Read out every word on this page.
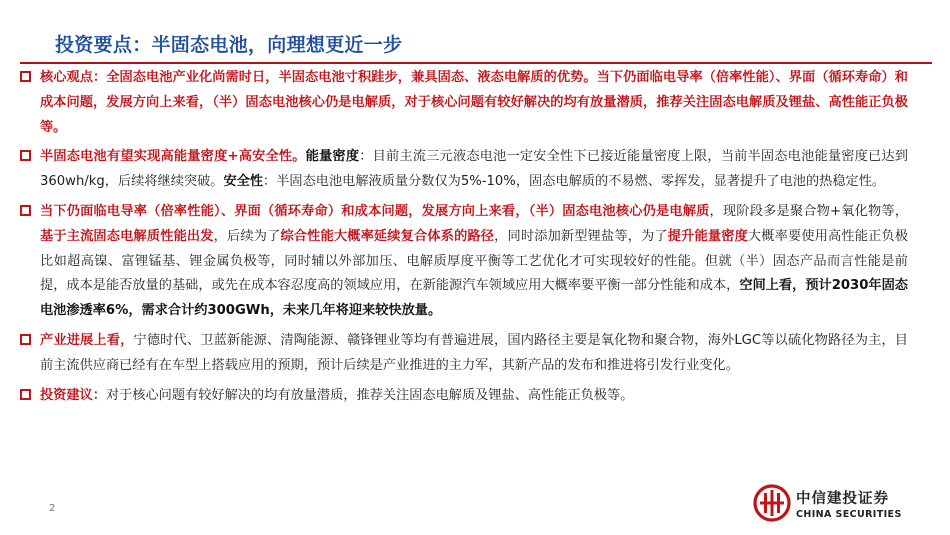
投资要点：半固态电池，向理想更近一步
核心观点：全固态电池产业化尚需时日，半固态电池寸积跬步，兼具固态、液态电解质的优势。当下仍面临电导率（倍率性能）、界面（循环寿命）和成本问题，发展方向上来看，（半）固态电池核心仍是电解质，对于核心问题有较好解决的均有放量潜质，推荐关注固态电解质及锂盐、高性能正负极等。
半固态电池有望实现高能量密度+高安全性。能量密度：目前主流三元液态电池一定安全性下已接近能量密度上限，当前半固态电池能量密度已达到360wh/kg，后续将继续突破。安全性：半固态电池电解液质量分数仅为5%-10%，固态电解质的不易燃、零挥发，显著提升了电池的热稳定性。
当下仍面临电导率（倍率性能）、界面（循环寿命）和成本问题，发展方向上来看，（半）固态电池核心仍是电解质，现阶段多是聚合物+氧化物等，基于主流固态电解质性能出发，后续为了综合性能大概率延续复合体系的路径，同时添加新型锂盐等，为了提升能量密度大概率要使用高性能正负极比如超高镍、富锂锰基、锂金属负极等，同时辅以外部加压、电解质厚度平衡等工艺优化才可实现较好的性能。但就（半）固态产品而言性能是前提，成本是能否放量的基础，或先在成本容忍度高的领域应用，在新能源汽车领域应用大概率要平衡一部分性能和成本，空间上看，预计2030年固态电池渗透率6%，需求合计约300GWh，未来几年将迎来较快放量。
产业进展上看，宁德时代、卫蓝新能源、清陶能源、赣锋锂业等均有普遍进展，国内路径主要是氧化物和聚合物，海外LGC等以硫化物路径为主，目前主流供应商已经有在车型上搭载应用的预期，预计后续是产业推进的主力军，其新产品的发布和推进将引发行业变化。
投资建议：对于核心问题有较好解决的均有放量潜质，推荐关注固态电解质及锂盐、高性能正负极等。
2
中信建投证券
CHINA SECURITIES
